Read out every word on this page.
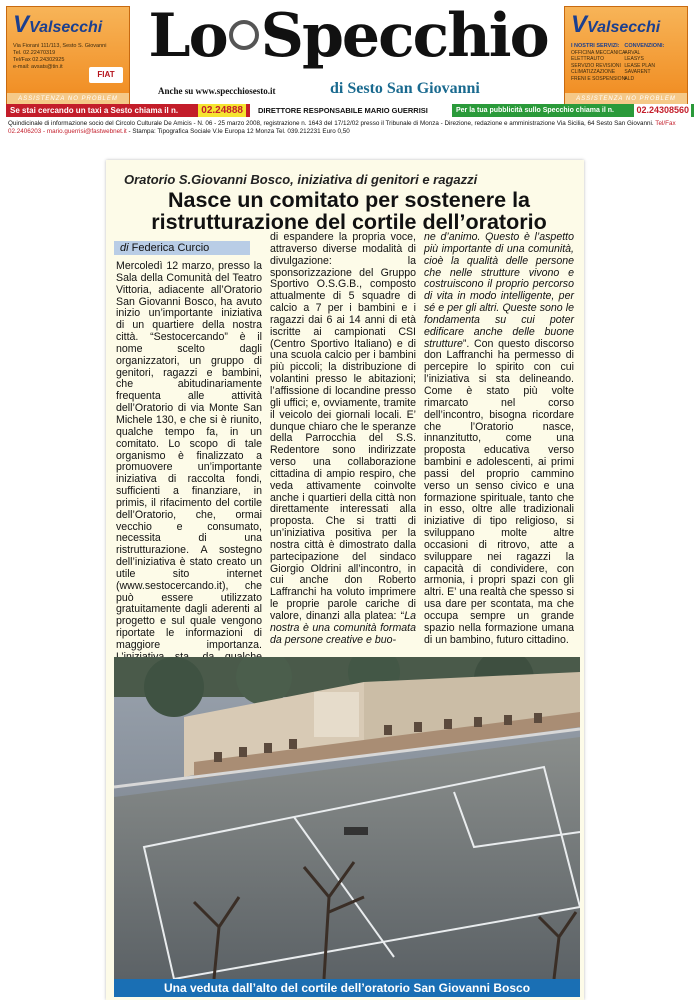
VValsecchi
Via Fiorani 111/113, Sesto S. Giovanni
Tel. 02.22470319
Tel/Fax 02.24302925
e-mail: avsats@tin.it
FIAT
ASSISTENZA NO PROBLEM
Lo Specchio
Anche su www.specchiosesto.it	di Sesto San Giovanni
VValsecchi
I NOSTRI SERVIZI:
OFFICINA MECCANICA
ELETTRAUTO
SERVIZIO REVISIONI
CLIMATIZZAZIONE
FRENI E SOSPENSIONI

CONVENZIONI:
ARVAL
LEASYS
LEASE PLAN
SAVARENT
ALD
ASSISTENZA NO PROBLEM
Se stai cercando un taxi a Sesto chiama il n.	02.24888	DIRETTORE RESPONSABILE MARIO GUERRISI	Per la tua pubblicità sullo Specchio chiama il n.	02.24308560
Quindicinale di informazione socio del Circolo Culturale De Amicis - N. 06 - 25 marzo 2008, registrazione n. 1643 del 17/12/02 presso il Tribunale di Monza - Direzione, redazione e amministrazione Via Sicilia, 64 Sesto San Giovanni. Tel/Fax 02.2406203 - mario.guerrisi@fastwebnet.it - Stampa: Tipografica Sociale V.le Europa 12 Monza Tel. 039.212231 Euro 0,50
Oratorio S.Giovanni Bosco, iniziativa di genitori e ragazzi
Nasce un comitato per sostenere la ristrutturazione del cortile dell’oratorio
di Federica Curcio

Mercoledì 12 marzo, presso la Sala della Comunità del Teatro Vittoria, adiacente all’Oratorio San Giovanni Bosco, ha avuto inizio un’importante iniziativa di un quartiere della nostra città. “Sestocercando” è il nome scelto dagli organizzatori, un gruppo di genitori, ragazzi e bambini, che abitudinariamente frequenta alle attività dell’Oratorio di via Monte San Michele 130, e che si è riunito, qualche tempo fa, in un comitato. Lo scopo di tale organismo è finalizzato a promuovere un’importante iniziativa di raccolta fondi, sufficienti a finanziare, in primis, il rifacimento del cortile dell’Oratorio, che, ormai vecchio e consumato, necessita di una ristrutturazione. A sostegno dell’iniziativa è stato creato un utile sito internet (www.sestocercando.it), che può essere utilizzato gratuitamente dagli aderenti al progetto e sul quale vengono riportate le informazioni di maggiore importanza.

di espandere la propria voce, attraverso diverse modalità di divulgazione: la sponsorizzazione del Gruppo Sportivo O.S.G.B., composto attualmente di 5 squadre di calcio a 7 per i bambini e i ragazzi dai 6 ai 14 anni di età iscritte ai campionati CSI (Centro Sportivo Italiano) e di una scuola calcio per i bambini più piccoli; la distribuzione di volantini presso le abitazioni; l’affissione di locandine presso gli uffici; e, ovviamente, tramite il veicolo dei giornali locali. E’ dunque chiaro che le speranze della Parrocchia del S.S. Redentore sono indirizzate verso una collaborazione cittadina di ampio respiro, che veda attivamente coinvolte anche i quartieri della città non direttamente interessati alla proposta. Che si tratti di un’iniziativa positiva per la nostra città è dimostrato dalla partecipazione del sindaco Giorgio Oldrini all’incontro, in cui anche don Roberto Laffranchi ha voluto imprimere le proprie parole cariche di valore, dinanzi alla platea: “La nostra è una comunità formata da persone creative e buo-

ne d’animo. Questo è l’aspetto più importante di una comunità, cioè la qualità delle persone che nelle strutture vivono e costruiscono il proprio percorso di vita in modo intelligente, per sé e per gli altri. Queste sono le fondamenta su cui poter edificare anche delle buone strutture”. Con questo discorso don Laffranchi ha permesso di percepire lo spirito con cui l’iniziativa si sta delineando. Come è stato più volte rimarcato nel corso dell’incontro, bisogna ricordare che l’Oratorio nasce, innanzitutto, come una proposta educativa verso bambini e adolescenti, ai primi passi del proprio cammino verso un senso civico e una formazione spirituale, tanto che in esso, oltre alle tradizionali iniziative di tipo religioso, si sviluppano molte altre occasioni di ritrovo, atte a sviluppare nei ragazzi la capacità di condividere, con armonia, i propri spazi con gli altri. E’ una realtà che spesso si usa dare per scontata, ma che occupa sempre un grande spazio nella formazione umana di un bambino, futuro cittadino.

Una veduta dall’alto del cortile dell’oratorio San Giovanni Bosco
